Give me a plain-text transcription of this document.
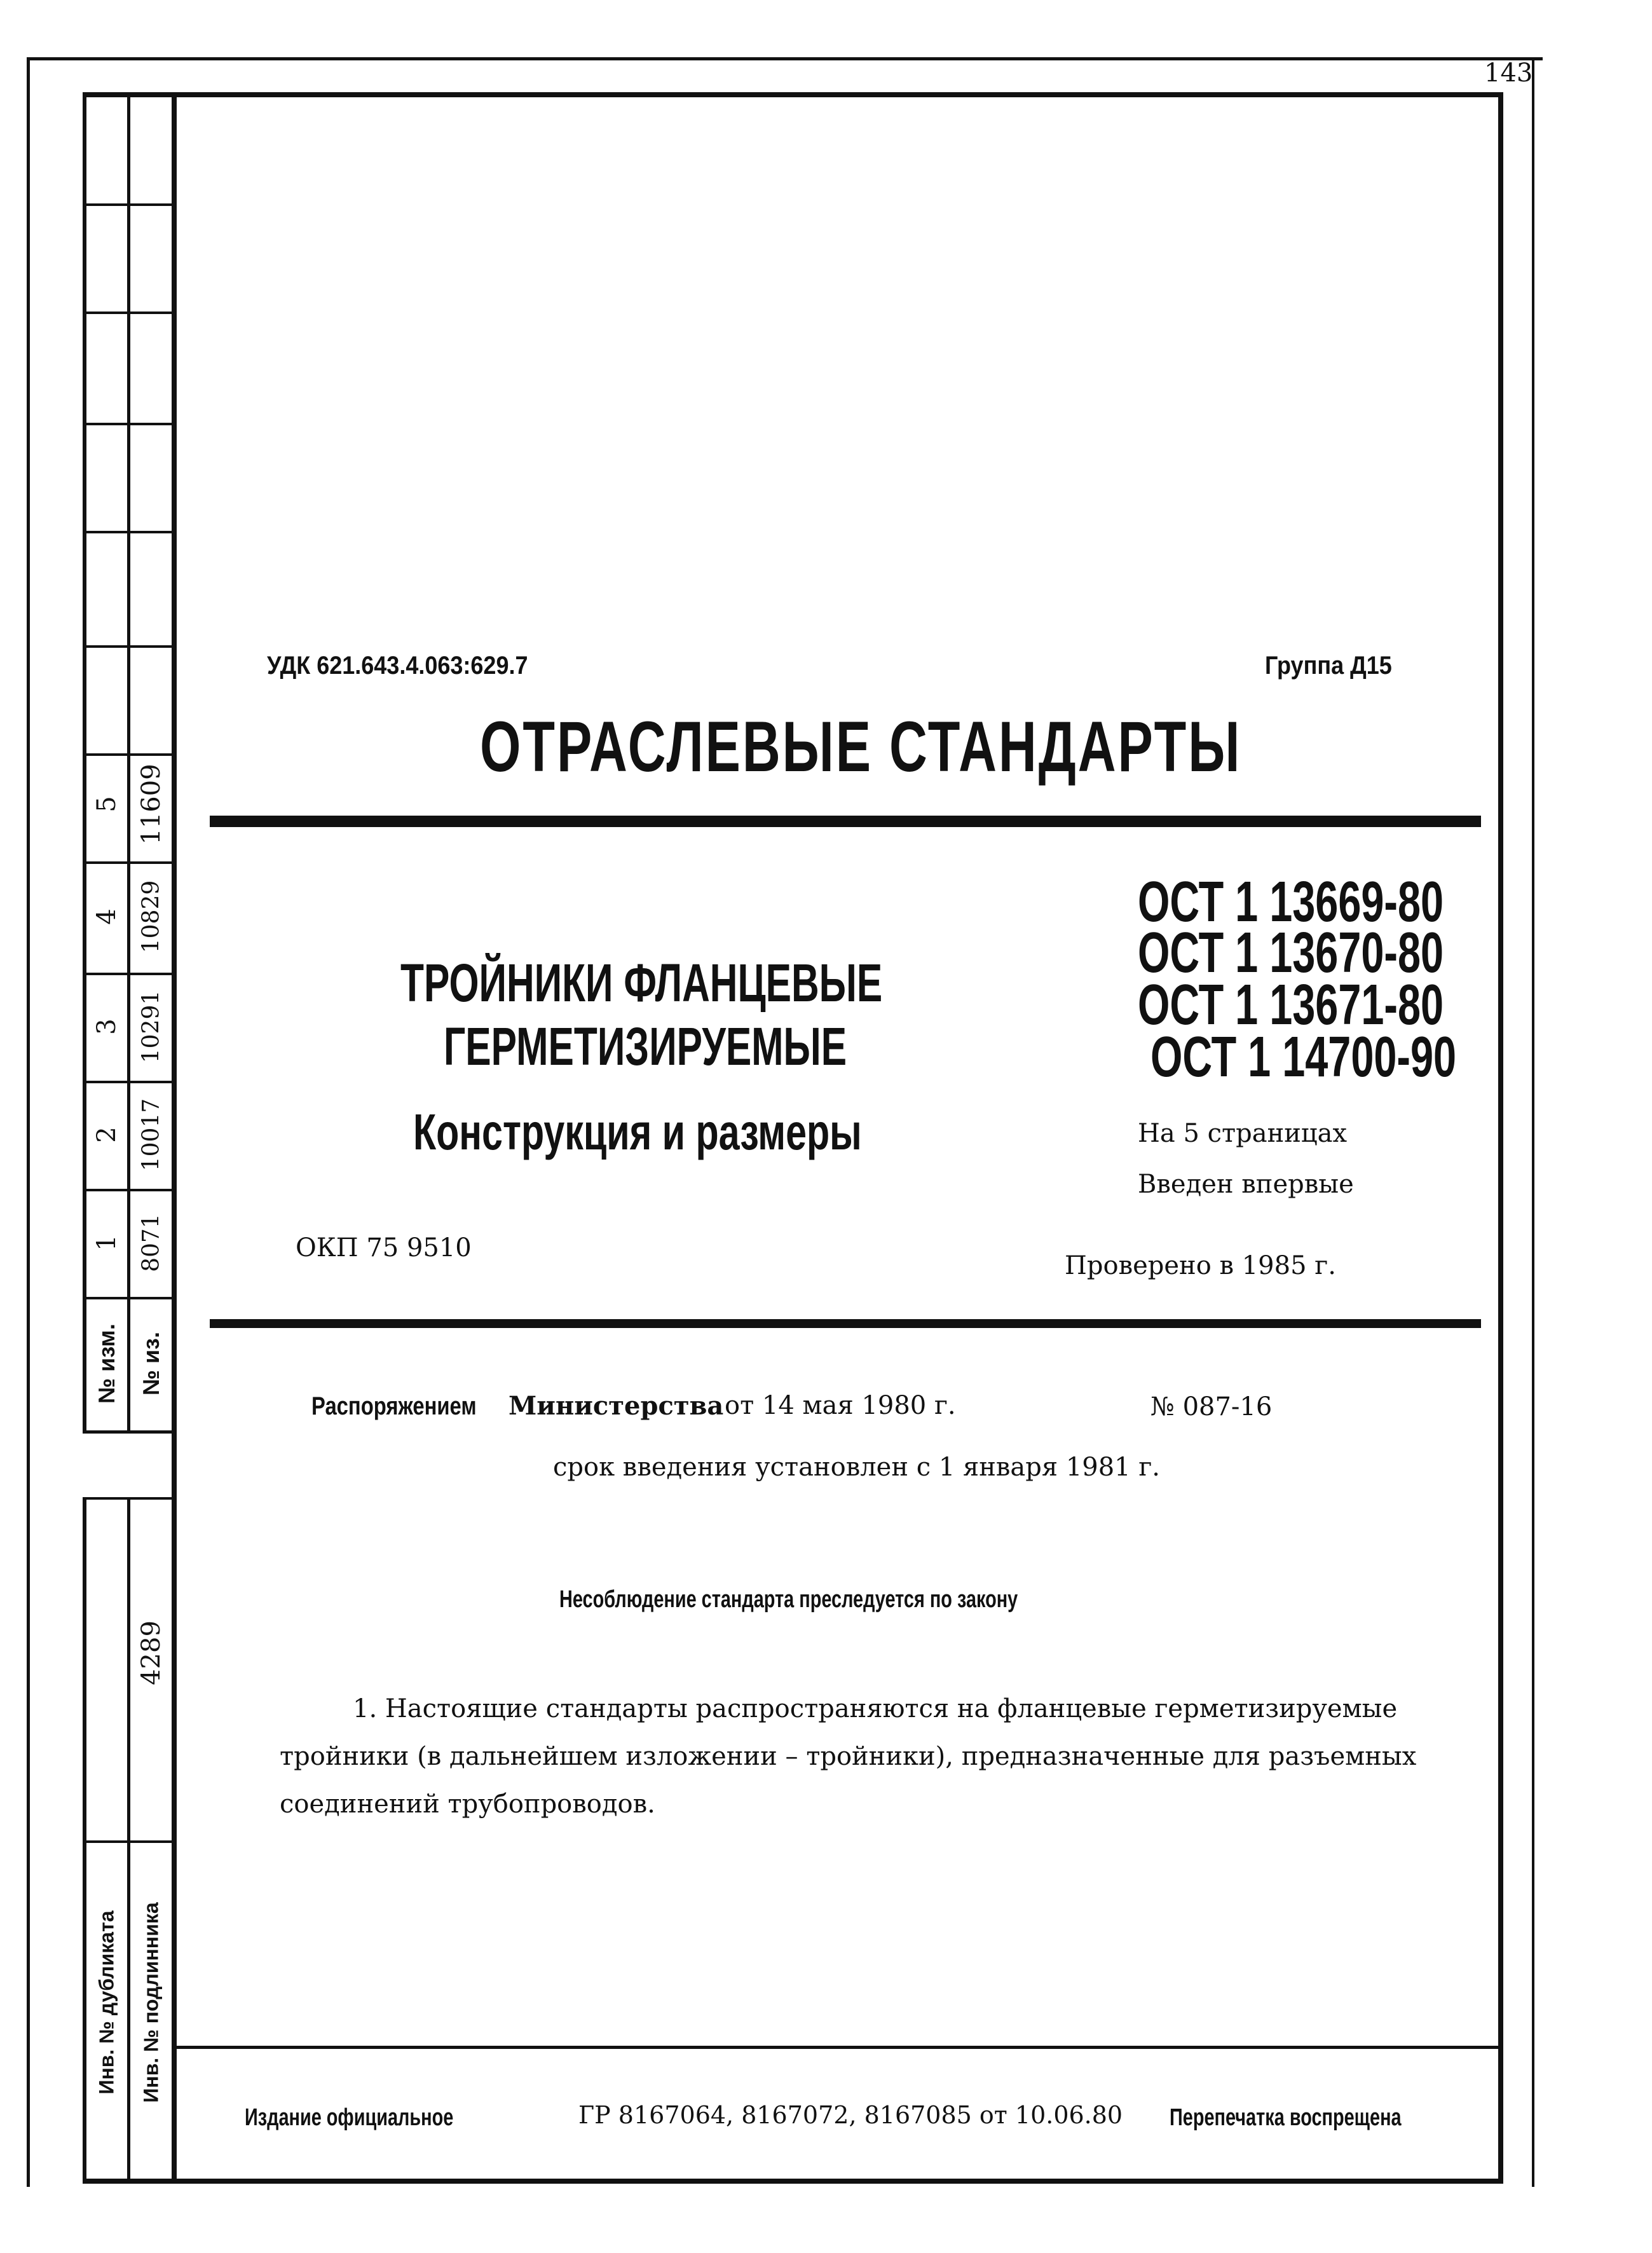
5 11609
4 10829
3 10291
2 10017
1 8071
№ изм. № из.
4289
Инв. № дубликата Инв. № подлинника
143
УДК 621.643.4.063:629.7	Группа Д15
ОТРАСЛЕВЫЕ СТАНДАРТЫ
ТРОЙНИКИ ФЛАНЦЕВЫЕ
ГЕРМЕТИЗИРУЕМЫЕ
Конструкция и размеры
ОСТ 1 13669-80
ОСТ 1 13670-80
ОСТ 1 13671-80
ОСТ 1 14700-90
На 5 страницах
Введен впервые
ОКП 75 9510
Проверено в 1985 г.
Распоряжением Министерства от 14 мая 1980 г.	№ 087-16
срок введения установлен с 1 января 1981 г.
Несоблюдение стандарта преследуется по закону
1. Настоящие стандарты распространяются на фланцевые герметизируемые
тройники (в дальнейшем изложении – тройники), предназначенные для разъемных
соединений трубопроводов.
Издание официальное	ГР 8167064, 8167072, 8167085 от 10.06.80 Перепечатка воспрещена
